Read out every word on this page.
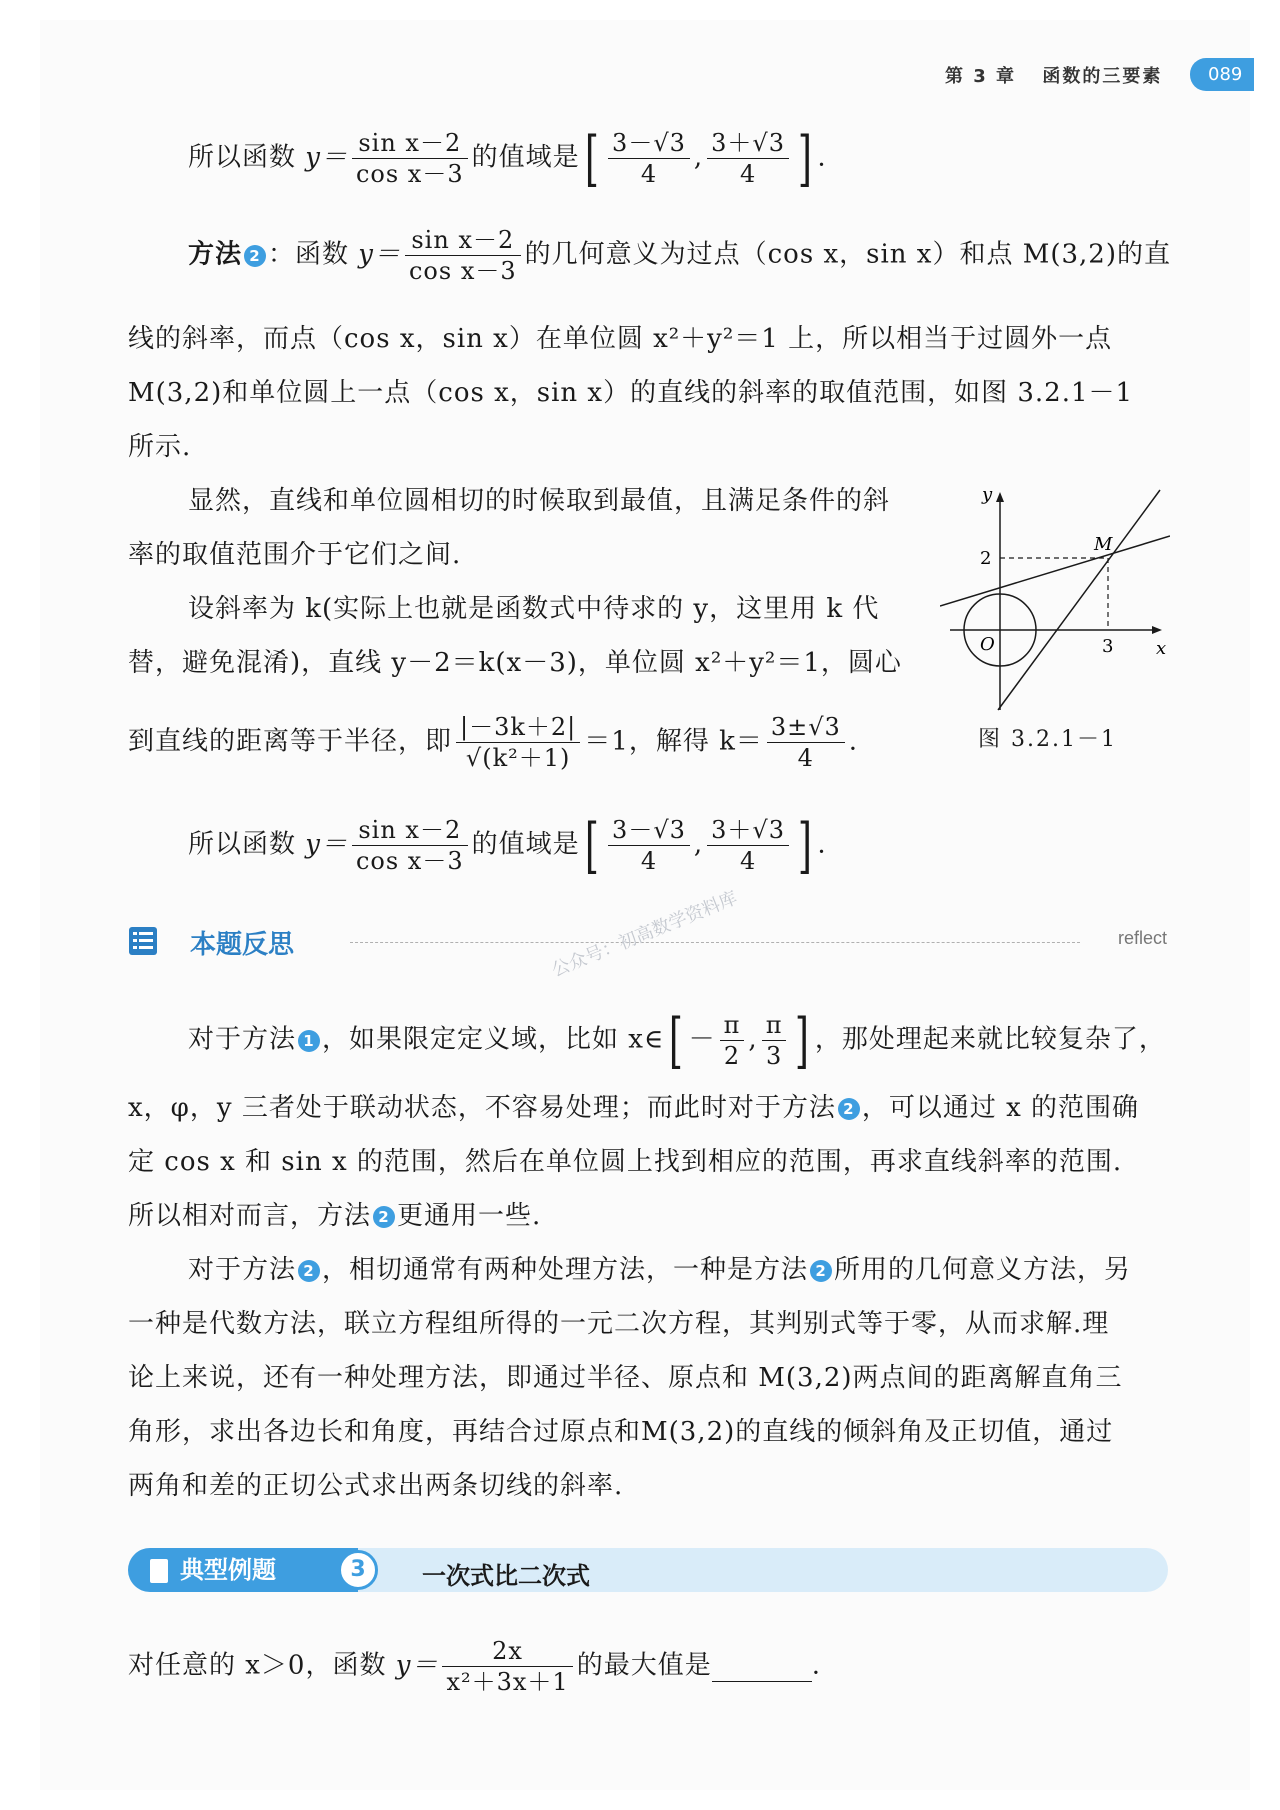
第 3 章 函数的三要素	089
所以函数 $y= \frac{\text{sin x－2}}{\text{cos x－3}}$ 的值域是[ $\frac{3-√3}{4}$ , $\frac{3+√3}{4}$ ] .
方法 2 ：函数 $y= \frac{\text{sin x－2}}{\text{cos x－3}}$ 的几何意义为过点（cos x，sin x）和点 M(3,2)的直
线的斜率，而点（cos x，sin x）在单位圆 x²＋y²＝1 上，所以相当于过圆外一点
M(3,2)和单位圆上一点（cos x，sin x）的直线的斜率的取值范围，如图 3.2.1－1
所示.
显然，直线和单位圆相切的时候取到最值，且满足条件的斜
率的取值范围介于它们之间.
设斜率为 k(实际上也就是函数式中待求的 y，这里用 k 代
替，避免混淆)，直线 y－2＝k(x－3)，单位圆 x²＋y²＝1，圆心
到直线的距离等于半径，即 $\frac{|-3k+2|}{\text{√(k²＋1)}} =1$，解得 $k= \frac{3\pm√3}{4}$ .
y
x
O
2
3
M
图 3.2.1－1
所以函数 $y= \frac{\text{sin x－2}}{\text{cos x－3}}$ 的值域是[ $\frac{3-√3}{4}$ , $\frac{3+√3}{4}$ ] .
本题反思	reflect
公众号：初高数学资料库
对于方法 1 ，如果限定定义域，比如 x∈[ － $\frac{\pi}{2}$ , $\frac{\pi}{3}$ ] ，那处理起来就比较复杂了，
x，φ，y 三者处于联动状态，不容易处理；而此时对于方法 2 ，可以通过 x 的范围确
定 cos x 和 sin x 的范围，然后在单位圆上找到相应的范围，再求直线斜率的范围.
所以相对而言，方法 2 更通用一些.
对于方法 2 ，相切通常有两种处理方法，一种是方法 2 所用的几何意义方法，另
一种是代数方法，联立方程组所得的一元二次方程，其判别式等于零，从而求解.理
论上来说，还有一种处理方法，即通过半径、原点和 M(3,2)两点间的距离解直角三
角形，求出各边长和角度，再结合过原点和M(3,2)的直线的倾斜角及正切值，通过
两角和差的正切公式求出两条切线的斜率.
典型例题	3	一次式比二次式
对任意的 x＞0，函数 $y= \frac{2x}{\text{x²＋3x＋1}}$ 的最大值是	.
